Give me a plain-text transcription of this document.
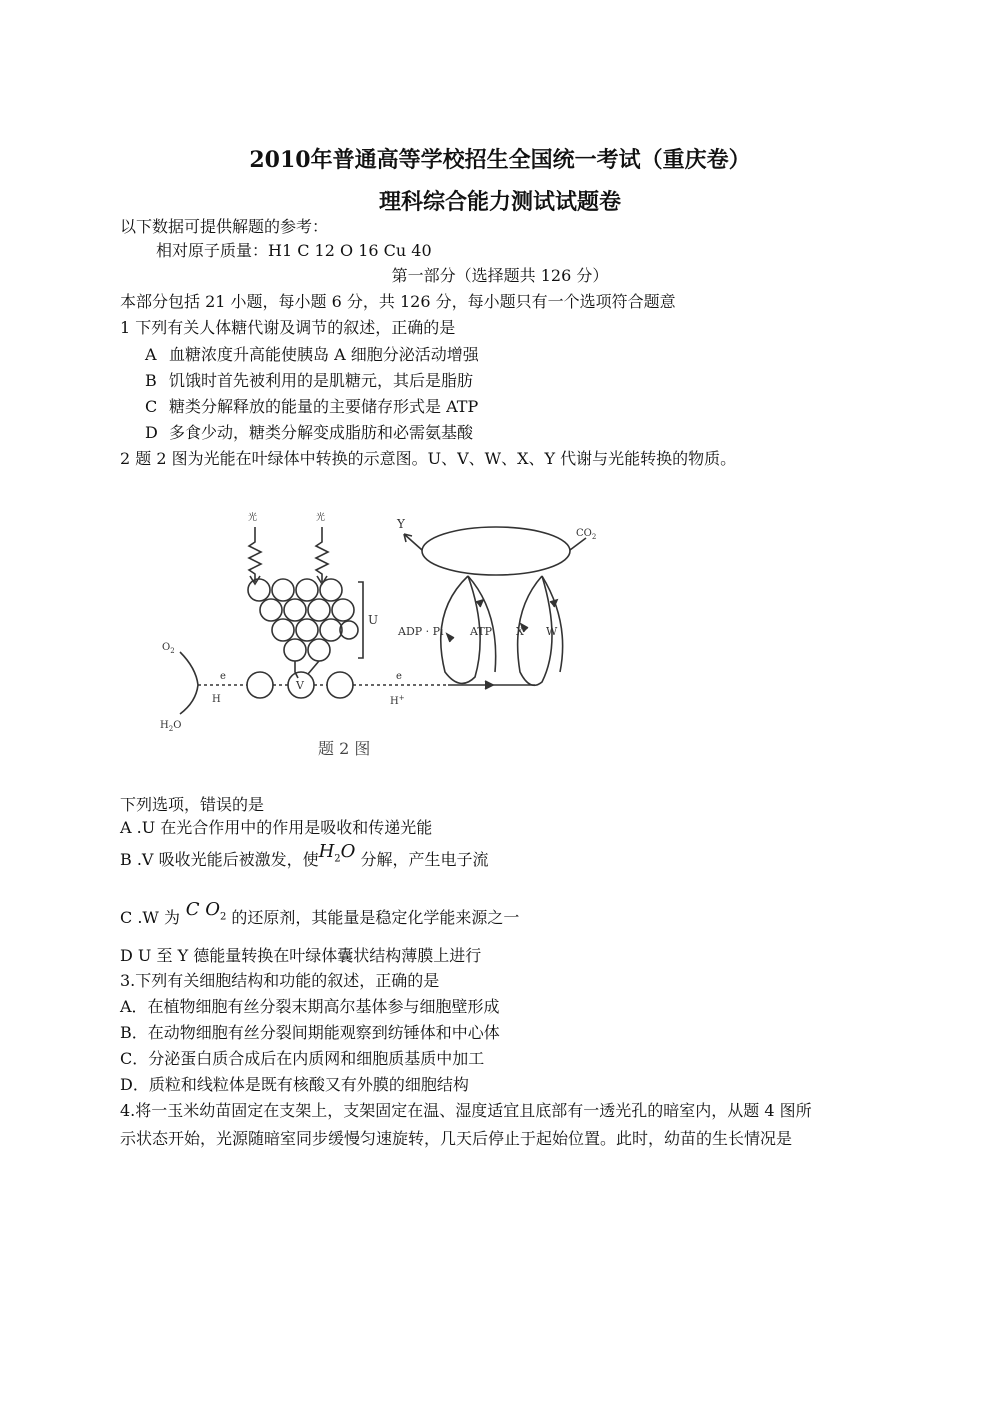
2010年普通高等学校招生全国统一考试（重庆卷）
理科综合能力测试试题卷
以下数据可提供解题的参考：
相对原子质量：H1 C 12 O 16 Cu 40
第一部分（选择题共 126 分）
本部分包括 21 小题，每小题 6 分，共 126 分，每小题只有一个选项符合题意
1 下列有关人体糖代谢及调节的叙述，正确的是
A 血糖浓度升高能使胰岛 A 细胞分泌活动增强
B 饥饿时首先被利用的是肌糖元，其后是脂肪
C 糖类分解释放的能量的主要储存形式是 ATP
D 多食少动，糖类分解变成脂肪和必需氨基酸
2 题 2 图为光能在叶绿体中转换的示意图。U、V、W、X、Y 代谢与光能转换的物质。
光	光
U
V
Y
$CO_2$
$O_2$
$H_2O$
e
H
e
H+
ADP · Pi ATP X W
题 2 图
下列选项，错误的是
A .U 在光合作用中的作用是吸收和传递光能
B .V 吸收光能后被激发，使$H_2O$ 分解，产生电子流
C .W 为 C $O_2$ 的还原剂，其能量是稳定化学能来源之一
D U 至 Y 德能量转换在叶绿体囊状结构薄膜上进行
3.下列有关细胞结构和功能的叙述，正确的是
A．在植物细胞有丝分裂末期高尔基体参与细胞壁形成
B．在动物细胞有丝分裂间期能观察到纺锤体和中心体
C．分泌蛋白质合成后在内质网和细胞质基质中加工
D．质粒和线粒体是既有核酸又有外膜的细胞结构
4.将一玉米幼苗固定在支架上，支架固定在温、湿度适宜且底部有一透光孔的暗室内，从题 4 图所
示状态开始，光源随暗室同步缓慢匀速旋转，几天后停止于起始位置。此时，幼苗的生长情况是
